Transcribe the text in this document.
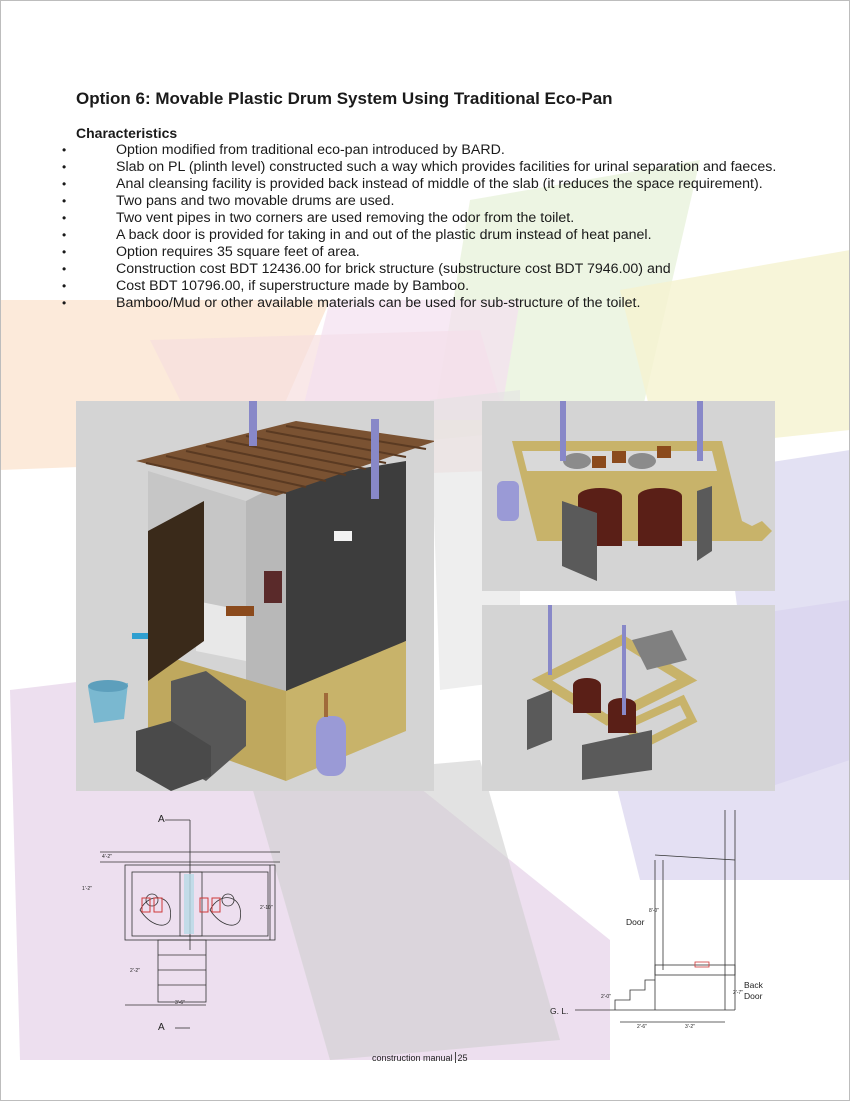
Option 6: Movable Plastic Drum System Using Traditional Eco-Pan
Characteristics
• Option modified from traditional eco-pan introduced by BARD.
• Slab on PL (plinth level) constructed such a way which provides facilities for urinal separation and faeces.
• Anal cleansing facility is provided back instead of middle of the slab (it reduces the space requirement).
• Two pans and two movable drums are used.
• Two vent pipes in two corners are used removing the odor from the toilet.
• A back door is provided for taking in and out of the plastic drum instead of heat panel.
• Option requires 35 square feet of area.
• Construction cost BDT 12436.00 for brick structure (substructure cost BDT 7946.00) and
• Cost BDT 10796.00, if superstructure made by Bamboo.
• Bamboo/Mud or other available materials can be used for sub-structure of the toilet.
A
A
4'-2"
1'-2"
2'-10"
2'-2"
3'-6"
Door
Back
Door
G. L.
8'-0"
2'-7"
2'-0"
2'-6"	3'-2"
construction manual 25
